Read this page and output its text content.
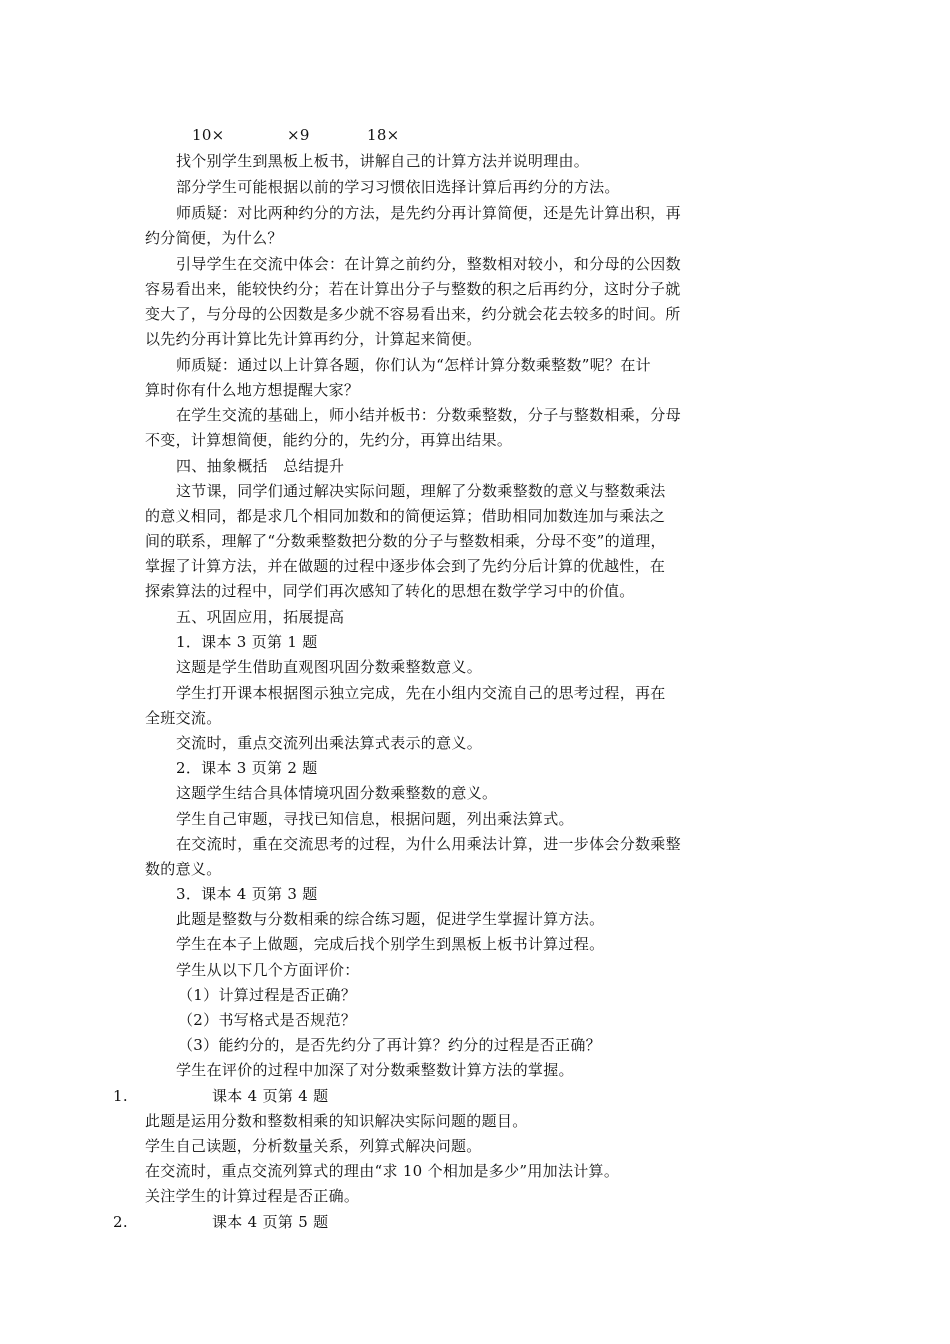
10×	×9	18×
找个别学生到黑板上板书，讲解自己的计算方法并说明理由。
部分学生可能根据以前的学习习惯依旧选择计算后再约分的方法。
师质疑：对比两种约分的方法，是先约分再计算简便，还是先计算出积，再
约分简便，为什么？
引导学生在交流中体会：在计算之前约分，整数相对较小，和分母的公因数
容易看出来，能较快约分；若在计算出分子与整数的积之后再约分，这时分子就
变大了，与分母的公因数是多少就不容易看出来，约分就会花去较多的时间。所
以先约分再计算比先计算再约分，计算起来简便。
师质疑：通过以上计算各题，你们认为“怎样计算分数乘整数”呢？在计
算时你有什么地方想提醒大家？
在学生交流的基础上，师小结并板书：分数乘整数，分子与整数相乘，分母
不变，计算想简便，能约分的，先约分，再算出结果。
四、抽象概括　总结提升
这节课，同学们通过解决实际问题，理解了分数乘整数的意义与整数乘法
的意义相同，都是求几个相同加数和的简便运算；借助相同加数连加与乘法之
间的联系，理解了“分数乘整数把分数的分子与整数相乘，分母不变”的道理，
掌握了计算方法，并在做题的过程中逐步体会到了先约分后计算的优越性，在
探索算法的过程中，同学们再次感知了转化的思想在数学学习中的价值。
五、巩固应用，拓展提高
1．课本 3 页第 1 题
这题是学生借助直观图巩固分数乘整数意义。
学生打开课本根据图示独立完成，先在小组内交流自己的思考过程，再在
全班交流。
交流时，重点交流列出乘法算式表示的意义。
2．课本 3 页第 2 题
这题学生结合具体情境巩固分数乘整数的意义。
学生自己审题，寻找已知信息，根据问题，列出乘法算式。
在交流时，重在交流思考的过程，为什么用乘法计算，进一步体会分数乘整
数的意义。
3．课本 4 页第 3 题
此题是整数与分数相乘的综合练习题，促进学生掌握计算方法。
学生在本子上做题，完成后找个别学生到黑板上板书计算过程。
学生从以下几个方面评价：
（1）计算过程是否正确？
（2）书写格式是否规范？
（3）能约分的，是否先约分了再计算？约分的过程是否正确？
学生在评价的过程中加深了对分数乘整数计算方法的掌握。
1.	课本 4 页第 4 题
此题是运用分数和整数相乘的知识解决实际问题的题目。
学生自己读题，分析数量关系，列算式解决问题。
在交流时，重点交流列算式的理由“求 10 个相加是多少”用加法计算。
关注学生的计算过程是否正确。
2.	课本 4 页第 5 题
